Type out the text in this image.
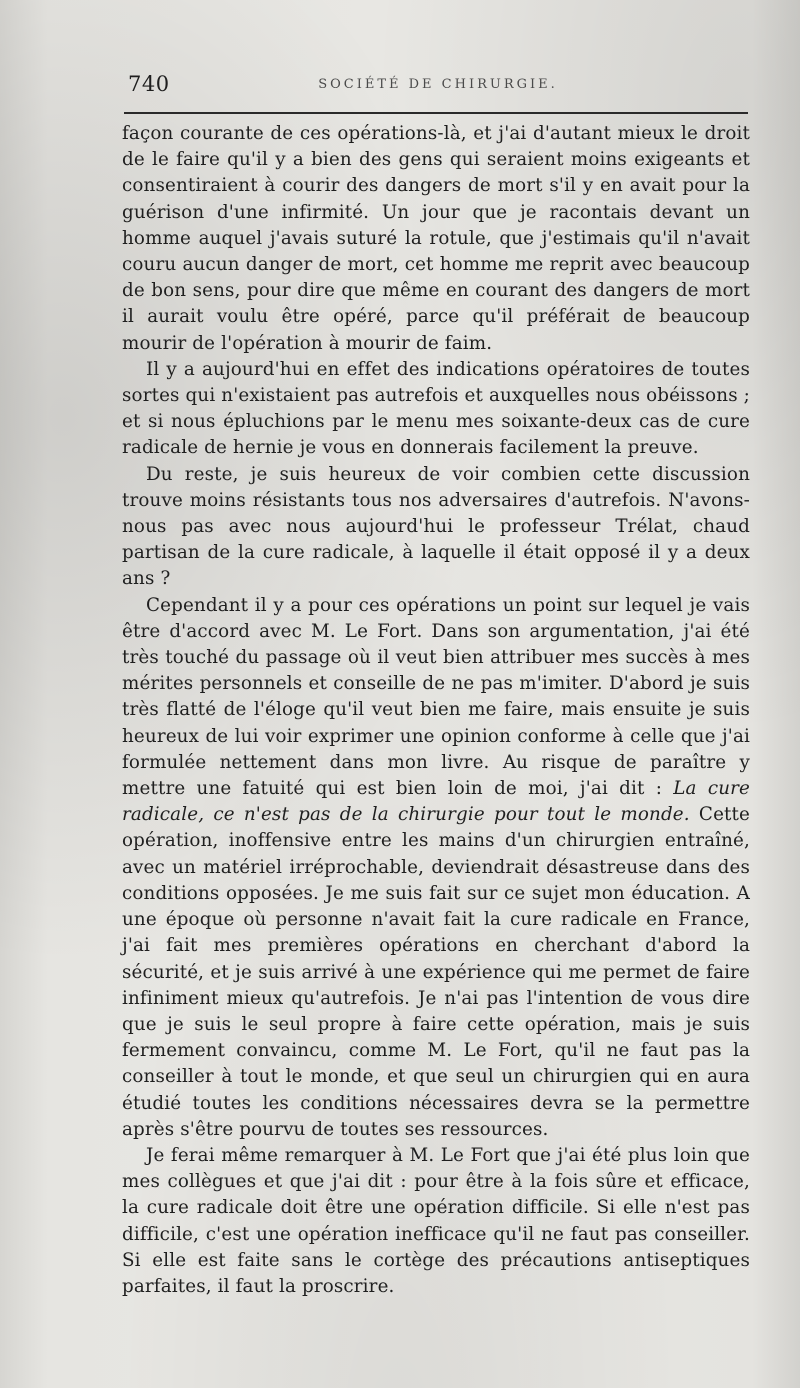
740	SOCIÉTÉ DE CHIRURGIE.

façon courante de ces opérations-là, et j'ai d'autant mieux le droit de le faire qu'il y a bien des gens qui seraient moins exigeants et consentiraient à courir des dangers de mort s'il y en avait pour la guérison d'une infirmité. Un jour que je racontais devant un homme auquel j'avais suturé la rotule, que j'estimais qu'il n'avait couru aucun danger de mort, cet homme me reprit avec beaucoup de bon sens, pour dire que même en courant des dangers de mort il aurait voulu être opéré, parce qu'il préférait de beaucoup mourir de l'opération à mourir de faim.

Il y a aujourd'hui en effet des indications opératoires de toutes sortes qui n'existaient pas autrefois et auxquelles nous obéissons ; et si nous épluchions par le menu mes soixante-deux cas de cure radicale de hernie je vous en donnerais facilement la preuve.

Du reste, je suis heureux de voir combien cette discussion trouve moins résistants tous nos adversaires d'autrefois. N'avons-nous pas avec nous aujourd'hui le professeur Trélat, chaud partisan de la cure radicale, à laquelle il était opposé il y a deux ans ?

Cependant il y a pour ces opérations un point sur lequel je vais être d'accord avec M. Le Fort. Dans son argumentation, j'ai été très touché du passage où il veut bien attribuer mes succès à mes mérites personnels et conseille de ne pas m'imiter. D'abord je suis très flatté de l'éloge qu'il veut bien me faire, mais ensuite je suis heureux de lui voir exprimer une opinion conforme à celle que j'ai formulée nettement dans mon livre. Au risque de paraître y mettre une fatuité qui est bien loin de moi, j'ai dit : La cure radicale, ce n'est pas de la chirurgie pour tout le monde. Cette opération, inoffensive entre les mains d'un chirurgien entraîné, avec un matériel irréprochable, deviendrait désastreuse dans des conditions opposées. Je me suis fait sur ce sujet mon éducation. A une époque où personne n'avait fait la cure radicale en France, j'ai fait mes premières opérations en cherchant d'abord la sécurité, et je suis arrivé à une expérience qui me permet de faire infiniment mieux qu'autrefois. Je n'ai pas l'intention de vous dire que je suis le seul propre à faire cette opération, mais je suis fermement convaincu, comme M. Le Fort, qu'il ne faut pas la conseiller à tout le monde, et que seul un chirurgien qui en aura étudié toutes les conditions nécessaires devra se la permettre après s'être pourvu de toutes ses ressources.

Je ferai même remarquer à M. Le Fort que j'ai été plus loin que mes collègues et que j'ai dit : pour être à la fois sûre et efficace, la cure radicale doit être une opération difficile. Si elle n'est pas difficile, c'est une opération inefficace qu'il ne faut pas conseiller. Si elle est faite sans le cortège des précautions antiseptiques parfaites, il faut la proscrire.
